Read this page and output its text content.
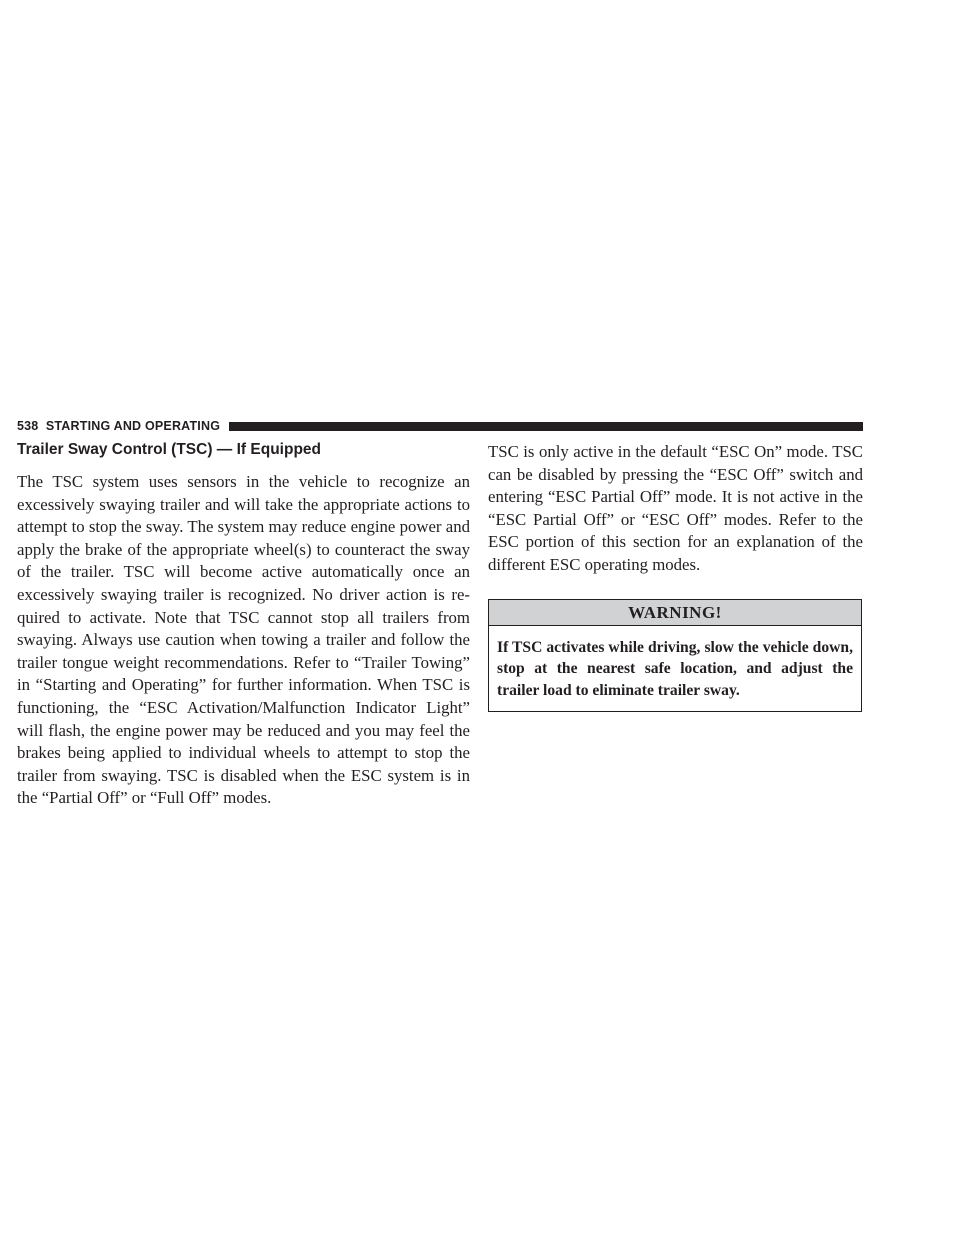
538 STARTING AND OPERATING
Trailer Sway Control (TSC) — If Equipped

The TSC system uses sensors in the vehicle to recognize an excessively swaying trailer and will take the appropriate actions to attempt to stop the sway. The system may reduce engine power and apply the brake of the appropriate wheel(s) to counteract the sway of the trailer. TSC will become active automatically once an excessively swaying trailer is recognized. No driver action is required to activate. Note that TSC cannot stop all trailers from swaying. Always use caution when towing a trailer and follow the trailer tongue weight recommendations. Refer to “Trailer Towing” in “Starting and Operating” for further information. When TSC is functioning, the “ESC Activation/Malfunction Indicator Light” will flash, the engine power may be reduced and you may feel the brakes being applied to individual wheels to attempt to stop the trailer from swaying. TSC is disabled when the ESC system is in the “Partial Off” or “Full Off” modes.

TSC is only active in the default “ESC On” mode. TSC can be disabled by pressing the “ESC Off” switch and entering “ESC Partial Off” mode. It is not active in the “ESC Partial Off” or “ESC Off” modes. Refer to the ESC portion of this section for an explanation of the different ESC operating modes.

WARNING!
If TSC activates while driving, slow the vehicle down, stop at the nearest safe location, and adjust the trailer load to eliminate trailer sway.
